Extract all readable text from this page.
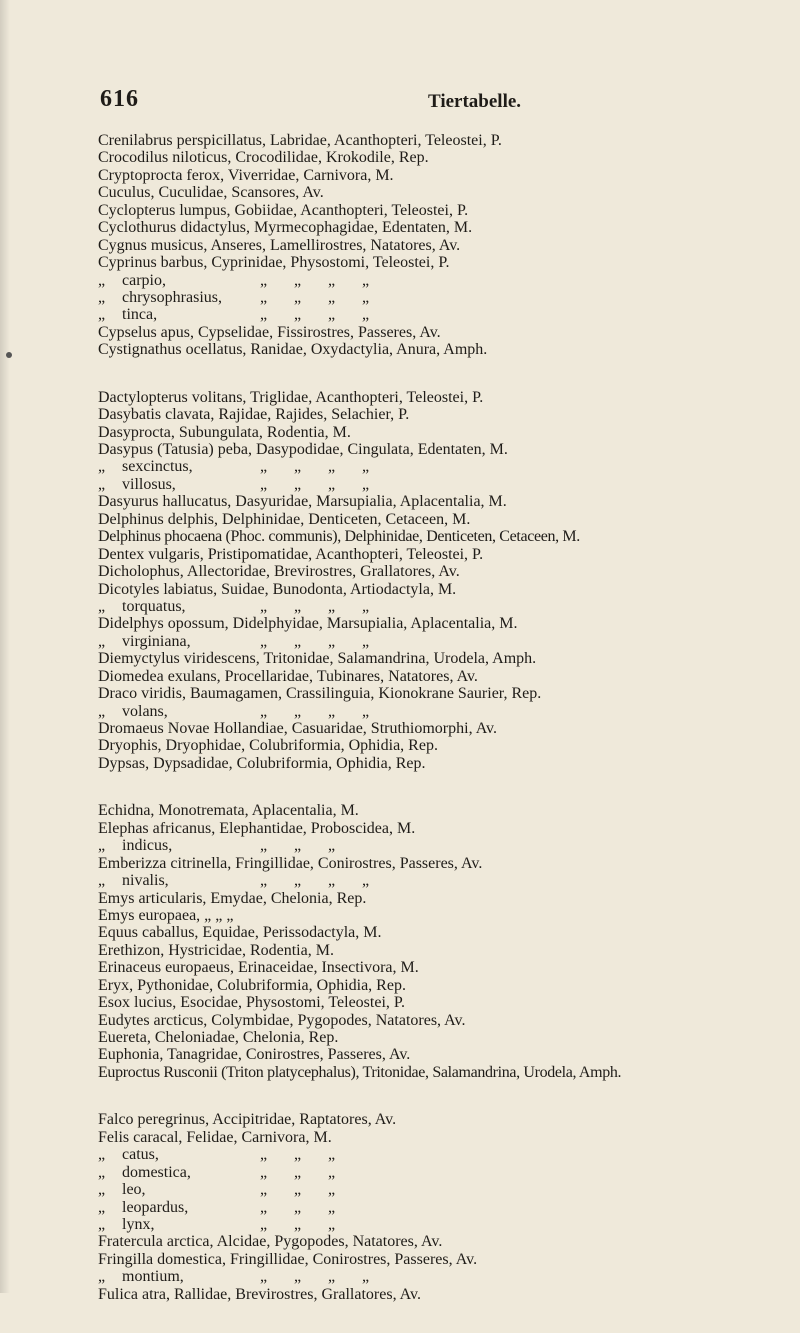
616	Tiertabelle.
Crenilabrus perspicillatus, Labridae, Acanthopteri, Teleostei, P.
Crocodilus niloticus, Crocodilidae, Krokodile, Rep.
Cryptoprocta ferox, Viverridae, Carnivora, M.
Cuculus, Cuculidae, Scansores, Av.
Cyclopterus lumpus, Gobiidae, Acanthopteri, Teleostei, P.
Cyclothurus didactylus, Myrmecophagidae, Edentaten, M.
Cygnus musicus, Anseres, Lamellirostres, Natatores, Av.
Cyprinus barbus, Cyprinidae, Physostomi, Teleostei, P.
„ carpio,	„ „ „ „
„ chrysophrasius, „ „ „ „
„ tinca,	„ „ „ „
Cypselus apus, Cypselidae, Fissirostres, Passeres, Av.
Cystignathus ocellatus, Ranidae, Oxydactylia, Anura, Amph.
Dactylopterus volitans, Triglidae, Acanthopteri, Teleostei, P.
Dasybatis clavata, Rajidae, Rajides, Selachier, P.
Dasyprocta, Subungulata, Rodentia, M.
Dasypus (Tatusia) peba, Dasypodidae, Cingulata, Edentaten, M.
„ sexcinctus,	„ „ „ „
„ villosus,	„ „ „ „
Dasyurus hallucatus, Dasyuridae, Marsupialia, Aplacentalia, M.
Delphinus delphis, Delphinidae, Denticeten, Cetaceen, M.
Delphinus phocaena (Phoc. communis), Delphinidae, Denticeten, Cetaceen, M.
Dentex vulgaris, Pristipomatidae, Acanthopteri, Teleostei, P.
Dicholophus, Allectoridae, Brevirostres, Grallatores, Av.
Dicotyles labiatus, Suidae, Bunodonta, Artiodactyla, M.
„ torquatus,	„ „ „ „
Didelphys opossum, Didelphyidae, Marsupialia, Aplacentalia, M.
„ virginiana,	„ „ „ „
Diemyctylus viridescens, Tritonidae, Salamandrina, Urodela, Amph.
Diomedea exulans, Procellaridae, Tubinares, Natatores, Av.
Draco viridis, Baumagamen, Crassilinguia, Kionokrane Saurier, Rep.
„ volans,	„ „ „ „
Dromaeus Novae Hollandiae, Casuaridae, Struthiomorphi, Av.
Dryophis, Dryophidae, Colubriformia, Ophidia, Rep.
Dypsas, Dypsadidae, Colubriformia, Ophidia, Rep.
Echidna, Monotremata, Aplacentalia, M.
Elephas africanus, Elephantidae, Proboscidea, M.
„ indicus,	„ „ „
Emberizza citrinella, Fringillidae, Conirostres, Passeres, Av.
„ nivalis,	„ „ „ „
Emys articularis, Emydae, Chelonia, Rep.
Emys europaea, „ „ „
Equus caballus, Equidae, Perissodactyla, M.
Erethizon, Hystricidae, Rodentia, M.
Erinaceus europaeus, Erinaceidae, Insectivora, M.
Eryx, Pythonidae, Colubriformia, Ophidia, Rep.
Esox lucius, Esocidae, Physostomi, Teleostei, P.
Eudytes arcticus, Colymbidae, Pygopodes, Natatores, Av.
Euereta, Cheloniadae, Chelonia, Rep.
Euphonia, Tanagridae, Conirostres, Passeres, Av.
Euproctus Rusconii (Triton platycephalus), Tritonidae, Salamandrina, Urodela, Amph.
Falco peregrinus, Accipitridae, Raptatores, Av.
Felis caracal, Felidae, Carnivora, M.
„ catus,	„ „ „
„ domestica,	„ „ „
„ leo,	„ „ „
„ leopardus,	„ „ „
„ lynx,	„ „ „
Fratercula arctica, Alcidae, Pygopodes, Natatores, Av.
Fringilla domestica, Fringillidae, Conirostres, Passeres, Av.
„ montium,	„ „ „ „
Fulica atra, Rallidae, Brevirostres, Grallatores, Av.
